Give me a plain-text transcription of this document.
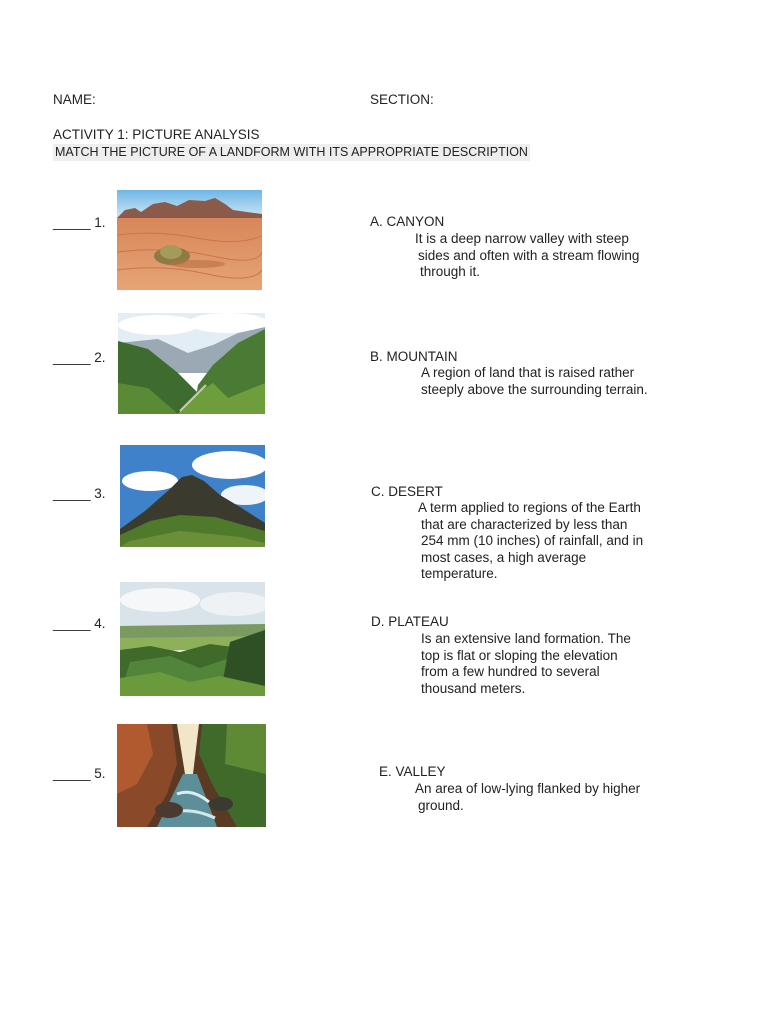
NAME:	SECTION:
ACTIVITY 1: PICTURE ANALYSIS
MATCH THE PICTURE OF A LANDFORM WITH ITS APPROPRIATE DESCRIPTION
_____ 1.
_____ 2.
_____ 3.
_____ 4.
_____ 5.
A. CANYON
It is a deep narrow valley with steep
sides and often with a stream flowing
through it.
B. MOUNTAIN
A region of land that is raised rather
steeply above the surrounding terrain.
C. DESERT
A term applied to regions of the Earth
that are characterized by less than
254 mm (10 inches) of rainfall, and in
most cases, a high average
temperature.
D. PLATEAU
Is an extensive land formation. The
top is flat or sloping the elevation
from a few hundred to several
thousand meters.
E. VALLEY
An area of low-lying flanked by higher
ground.
